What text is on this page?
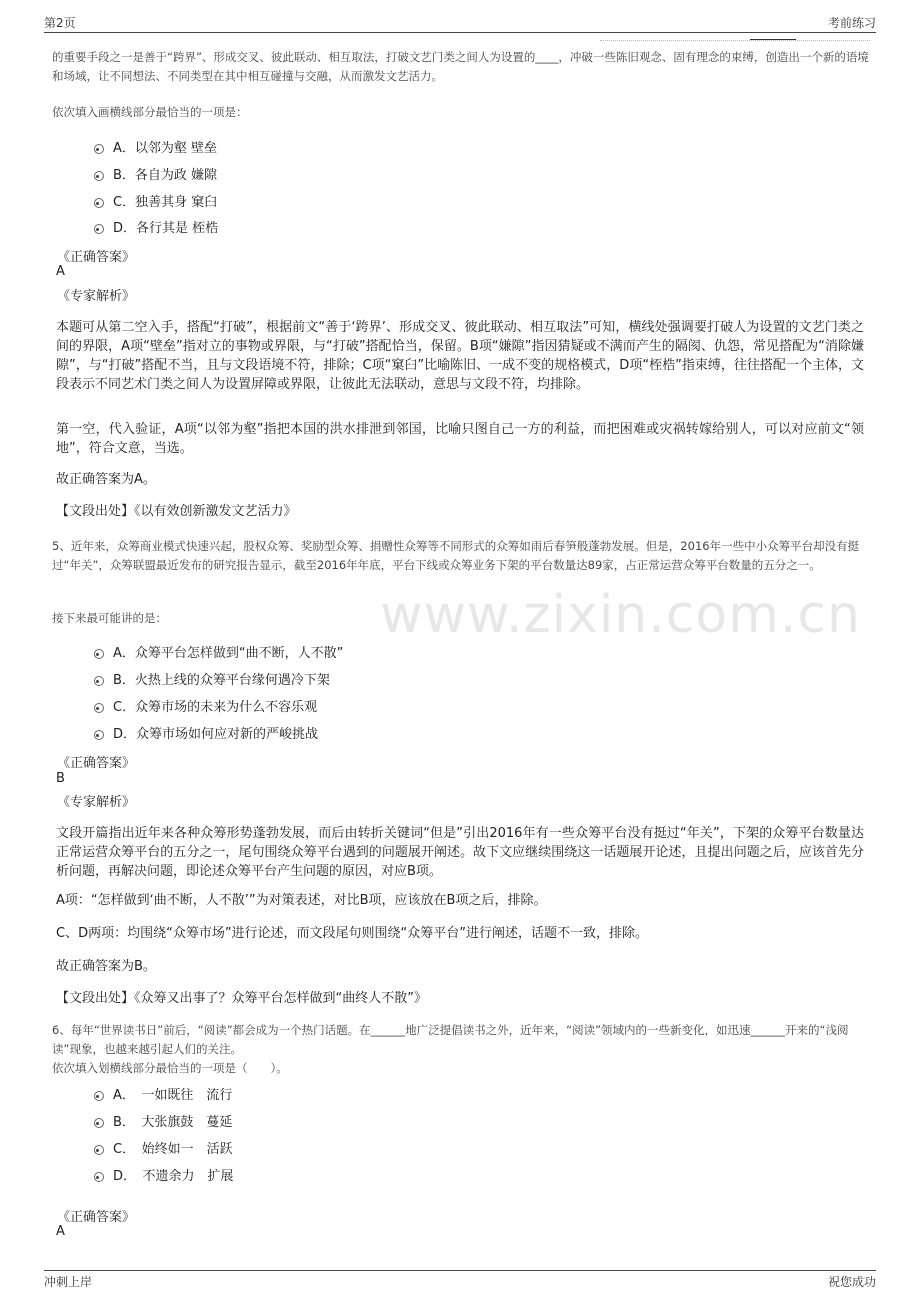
第2页	考前练习
www.zixin.com.cn

的重要手段之一是善于“跨界”、形成交叉、彼此联动、相互取法，打破文艺门类之间人为设置的____，冲破一些陈旧观念、固有理念的束缚，创造出一个新的语境和场域，让不同想法、不同类型在其中相互碰撞与交融，从而激发文艺活力。

依次填入画横线部分最恰当的一项是：

A．以邻为壑 壁垒
B．各自为政 嫌隙
C．独善其身 窠臼
D．各行其是 桎梏

《正确答案》

A

《专家解析》

本题可从第二空入手，搭配“打破”，根据前文“善于‘跨界’、形成交叉、彼此联动、相互取法”可知，横线处强调要打破人为设置的文艺门类之间的界限，A项“壁垒”指对立的事物或界限，与“打破”搭配恰当，保留。B项“嫌隙”指因猜疑或不满而产生的隔阂、仇怨，常见搭配为“消除嫌隙”，与“打破”搭配不当，且与文段语境不符，排除；C项“窠臼”比喻陈旧、一成不变的规格模式，D项“桎梏”指束缚，往往搭配一个主体，文段表示不同艺术门类之间人为设置屏障或界限，让彼此无法联动，意思与文段不符，均排除。

第一空，代入验证，A项“以邻为壑”指把本国的洪水排泄到邻国，比喻只图自己一方的利益，而把困难或灾祸转嫁给别人，可以对应前文“领地”，符合文意，当选。

故正确答案为A。

【文段出处】《以有效创新激发文艺活力》

5、近年来，众筹商业模式快速兴起，股权众筹、奖励型众筹、捐赠性众筹等不同形式的众筹如雨后春笋般蓬勃发展。但是，2016年一些中小众筹平台却没有挺过“年关”，众筹联盟最近发布的研究报告显示，截至2016年年底，平台下线或众筹业务下架的平台数量达89家，占正常运营众筹平台数量的五分之一。

接下来最可能讲的是：

A．众筹平台怎样做到“曲不断，人不散”
B．火热上线的众筹平台缘何遇冷下架
C．众筹市场的未来为什么不容乐观
D．众筹市场如何应对新的严峻挑战

《正确答案》

B

《专家解析》

文段开篇指出近年来各种众筹形势蓬勃发展，而后由转折关键词“但是”引出2016年有一些众筹平台没有挺过“年关”，下架的众筹平台数量达正常运营众筹平台的五分之一，尾句围绕众筹平台遇到的问题展开阐述。故下文应继续围绕这一话题展开论述，且提出问题之后，应该首先分析问题，再解决问题，即论述众筹平台产生问题的原因，对应B项。

A项：“怎样做到‘曲不断，人不散’”为对策表述，对比B项，应该放在B项之后，排除。

C、D两项：均围绕“众筹市场”进行论述，而文段尾句则围绕“众筹平台”进行阐述，话题不一致，排除。

故正确答案为B。

【文段出处】《众筹又出事了？众筹平台怎样做到“曲终人不散”》

6、每年“世界读书日”前后，“阅读”都会成为一个热门话题。在______地广泛提倡读书之外，近年来，“阅读”领域内的一些新变化，如迅速______开来的“浅阅读”现象，也越来越引起人们的关注。

依次填入划横线部分最恰当的一项是（　　）。

A．　一如既往　流行
B．　大张旗鼓　蔓延
C．　始终如一　活跃
D．　不遗余力　扩展

《正确答案》

A

冲刺上岸	祝您成功
